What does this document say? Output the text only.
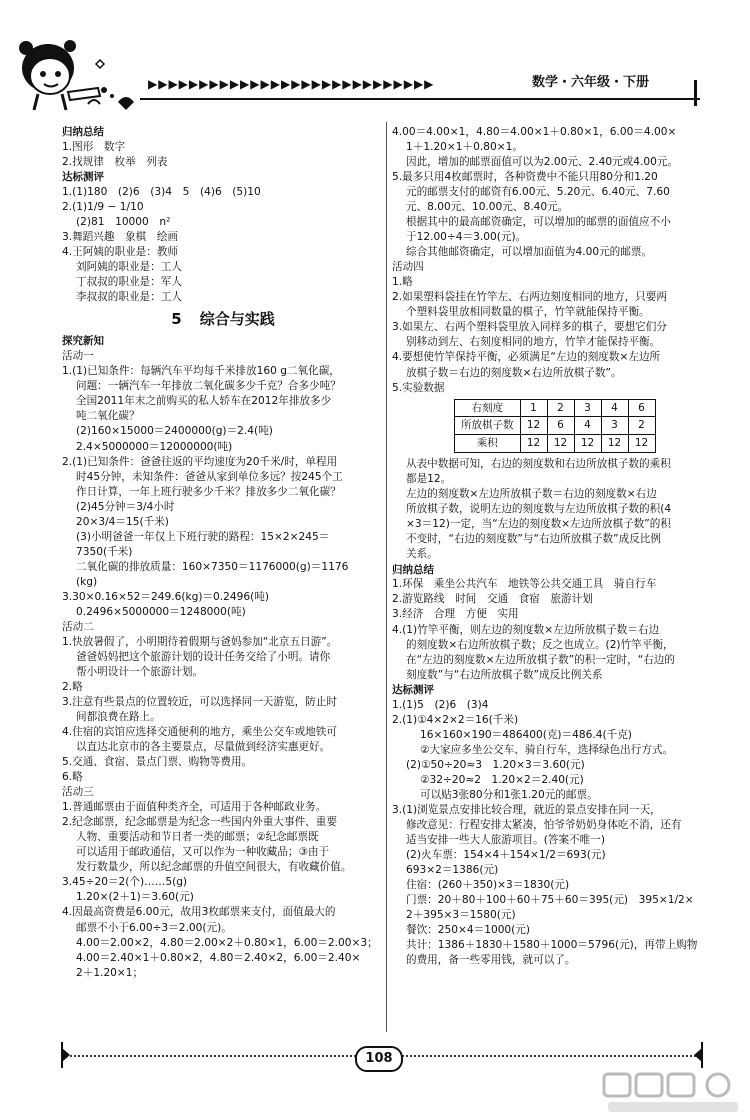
▶▶▶▶▶▶▶▶▶▶▶▶▶▶▶▶▶▶▶▶▶▶▶▶▶▶▶▶	数学・六年级・下册
归纳总结
1.图形　数字
2.找规律　枚举　列表
达标测评
1.(1)180　(2)6　(3)4　5　(4)6　(5)10
2.(1)1/9 − 1/10
(2)81　10000　n²
3.舞蹈兴趣　象棋　绘画
4.王阿姨的职业是：教师
刘阿姨的职业是：工人
丁叔叔的职业是：军人
李叔叔的职业是：工人
5 综合与实践
探究新知
活动一
1.(1)已知条件：每辆汽车平均每千米排放160 g二氧化碳，
问题：一辆汽车一年排放二氧化碳多少千克？合多少吨？
全国2011年末之前购买的私人轿车在2012年排放多少
吨二氧化碳？
(2)160×15000＝2400000(g)＝2.4(吨)
2.4×5000000＝12000000(吨)
2.(1)已知条件：爸爸往返的平均速度为20千米/时，单程用
时45分钟，未知条件：爸爸从家到单位多远？按245个工
作日计算，一年上班行驶多少千米？排放多少二氧化碳？
(2)45分钟＝3/4小时
20×3/4＝15(千米)
(3)小明爸爸一年仅上下班行驶的路程：15×2×245＝
7350(千米)
二氧化碳的排放质量：160×7350＝1176000(g)＝1176
(kg)
3.30×0.16×52＝249.6(kg)＝0.2496(吨)
0.2496×5000000＝1248000(吨)
活动二
1.快放暑假了，小明期待着假期与爸妈参加“北京五日游”。
爸爸妈妈把这个旅游计划的设计任务交给了小明。请你
帮小明设计一个旅游计划。
2.略
3.注意有些景点的位置较近，可以选择同一天游览，防止时
间都浪费在路上。
4.住宿的宾馆应选择交通便利的地方，乘坐公交车或地铁可
以直达北京市的各主要景点，尽量做到经济实惠更好。
5.交通、食宿、景点门票、购物等费用。
6.略
活动三
1.普通邮票由于面值种类齐全，可适用于各种邮政业务。
2.纪念邮票，纪念邮票是为纪念一些国内外重大事件、重要
人物、重要活动和节日者一类的邮票；②纪念邮票既
可以适用于邮政通信，又可以作为一种收藏品；③由于
发行数量少，所以纪念邮票的升值空间很大，有收藏价值。
3.45÷20＝2(个)……5(g)
1.20×(2＋1)＝3.60(元)
4.因最高资费是6.00元，故用3枚邮票来支付，面值最大的
邮票不小于6.00÷3＝2.00(元)。
4.00＝2.00×2，4.80＝2.00×2＋0.80×1，6.00＝2.00×3；
4.00＝2.40×1＋0.80×2，4.80＝2.40×2，6.00＝2.40×
2＋1.20×1；
4.00＝4.00×1，4.80＝4.00×1＋0.80×1，6.00＝4.00×
1＋1.20×1＋0.80×1。
因此，增加的邮票面值可以为2.00元、2.40元或4.00元。
5.最多只用4枚邮票时，各种资费中不能只用80分和1.20
元的邮票支付的邮资有6.00元、5.20元、6.40元、7.60
元、8.00元、10.00元、8.40元。
根据其中的最高邮资确定，可以增加的邮票的面值应不小
于12.00÷4＝3.00(元)。
综合其他邮资确定，可以增加面值为4.00元的邮票。
活动四
1.略
2.如果塑料袋挂在竹竿左、右两边刻度相同的地方，只要两
个塑料袋里放相同数量的棋子，竹竿就能保持平衡。
3.如果左、右两个塑料袋里放入同样多的棋子，要想它们分
别移动到左、右刻度相同的地方，竹竿才能保持平衡。
4.要想使竹竿保持平衡，必须满足“左边的刻度数×左边所
放棋子数＝右边的刻度数×右边所放棋子数”。
5.实验数据
右刻度	1	2	3	4	6
所放棋子数	12	6	4	3	2
乘积	12	12	12	12	12
从表中数据可知，右边的刻度数和右边所放棋子数的乘积
都是12。
左边的刻度数×左边所放棋子数＝右边的刻度数×右边
所放棋子数，说明左边的刻度数与左边所放棋子数的积(4
×3＝12)一定，当“左边的刻度数×左边所放棋子数”的积
不变时，“右边的刻度数”与“右边所放棋子数”成反比例
关系。
归纳总结
1.环保　乘坐公共汽车　地铁等公共交通工具　骑自行车
2.游览路线　时间　交通　食宿　旅游计划
3.经济　合理　方便　实用
4.(1)竹竿平衡，则左边的刻度数×左边所放棋子数＝右边
的刻度数×右边所放棋子数；反之也成立。(2)竹竿平衡，
在“左边的刻度数×左边所放棋子数”的积一定时，“右边的
刻度数”与“右边所放棋子数”成反比例关系
达标测评
1.(1)5　(2)6　(3)4
2.(1)①4×2×2＝16(千米)
16×160×190＝486400(克)＝486.4(千克)
②大家应多坐公交车、骑自行车，选择绿色出行方式。
(2)①50÷20≈3　1.20×3＝3.60(元)
②32÷20≈2　1.20×2＝2.40(元)
可以贴3张80分和1张1.20元的邮票。
3.(1)浏览景点安排比较合理，就近的景点安排在同一天，
修改意见：行程安排太紧凑，怕爷爷奶奶身体吃不消，还有
适当安排一些大人旅游项目。(答案不唯一)
(2)火车票：154×4＋154×1/2＝693(元)
693×2＝1386(元)
住宿：(260＋350)×3＝1830(元)
门票：20＋80＋100＋60＋75＋60＝395(元)　395×1/2×
2＋395×3＝1580(元)
餐饮：250×4＝1000(元)
共计：1386＋1830＋1580＋1000＝5796(元)，再带上购物
的费用，备一些零用钱，就可以了。
108
